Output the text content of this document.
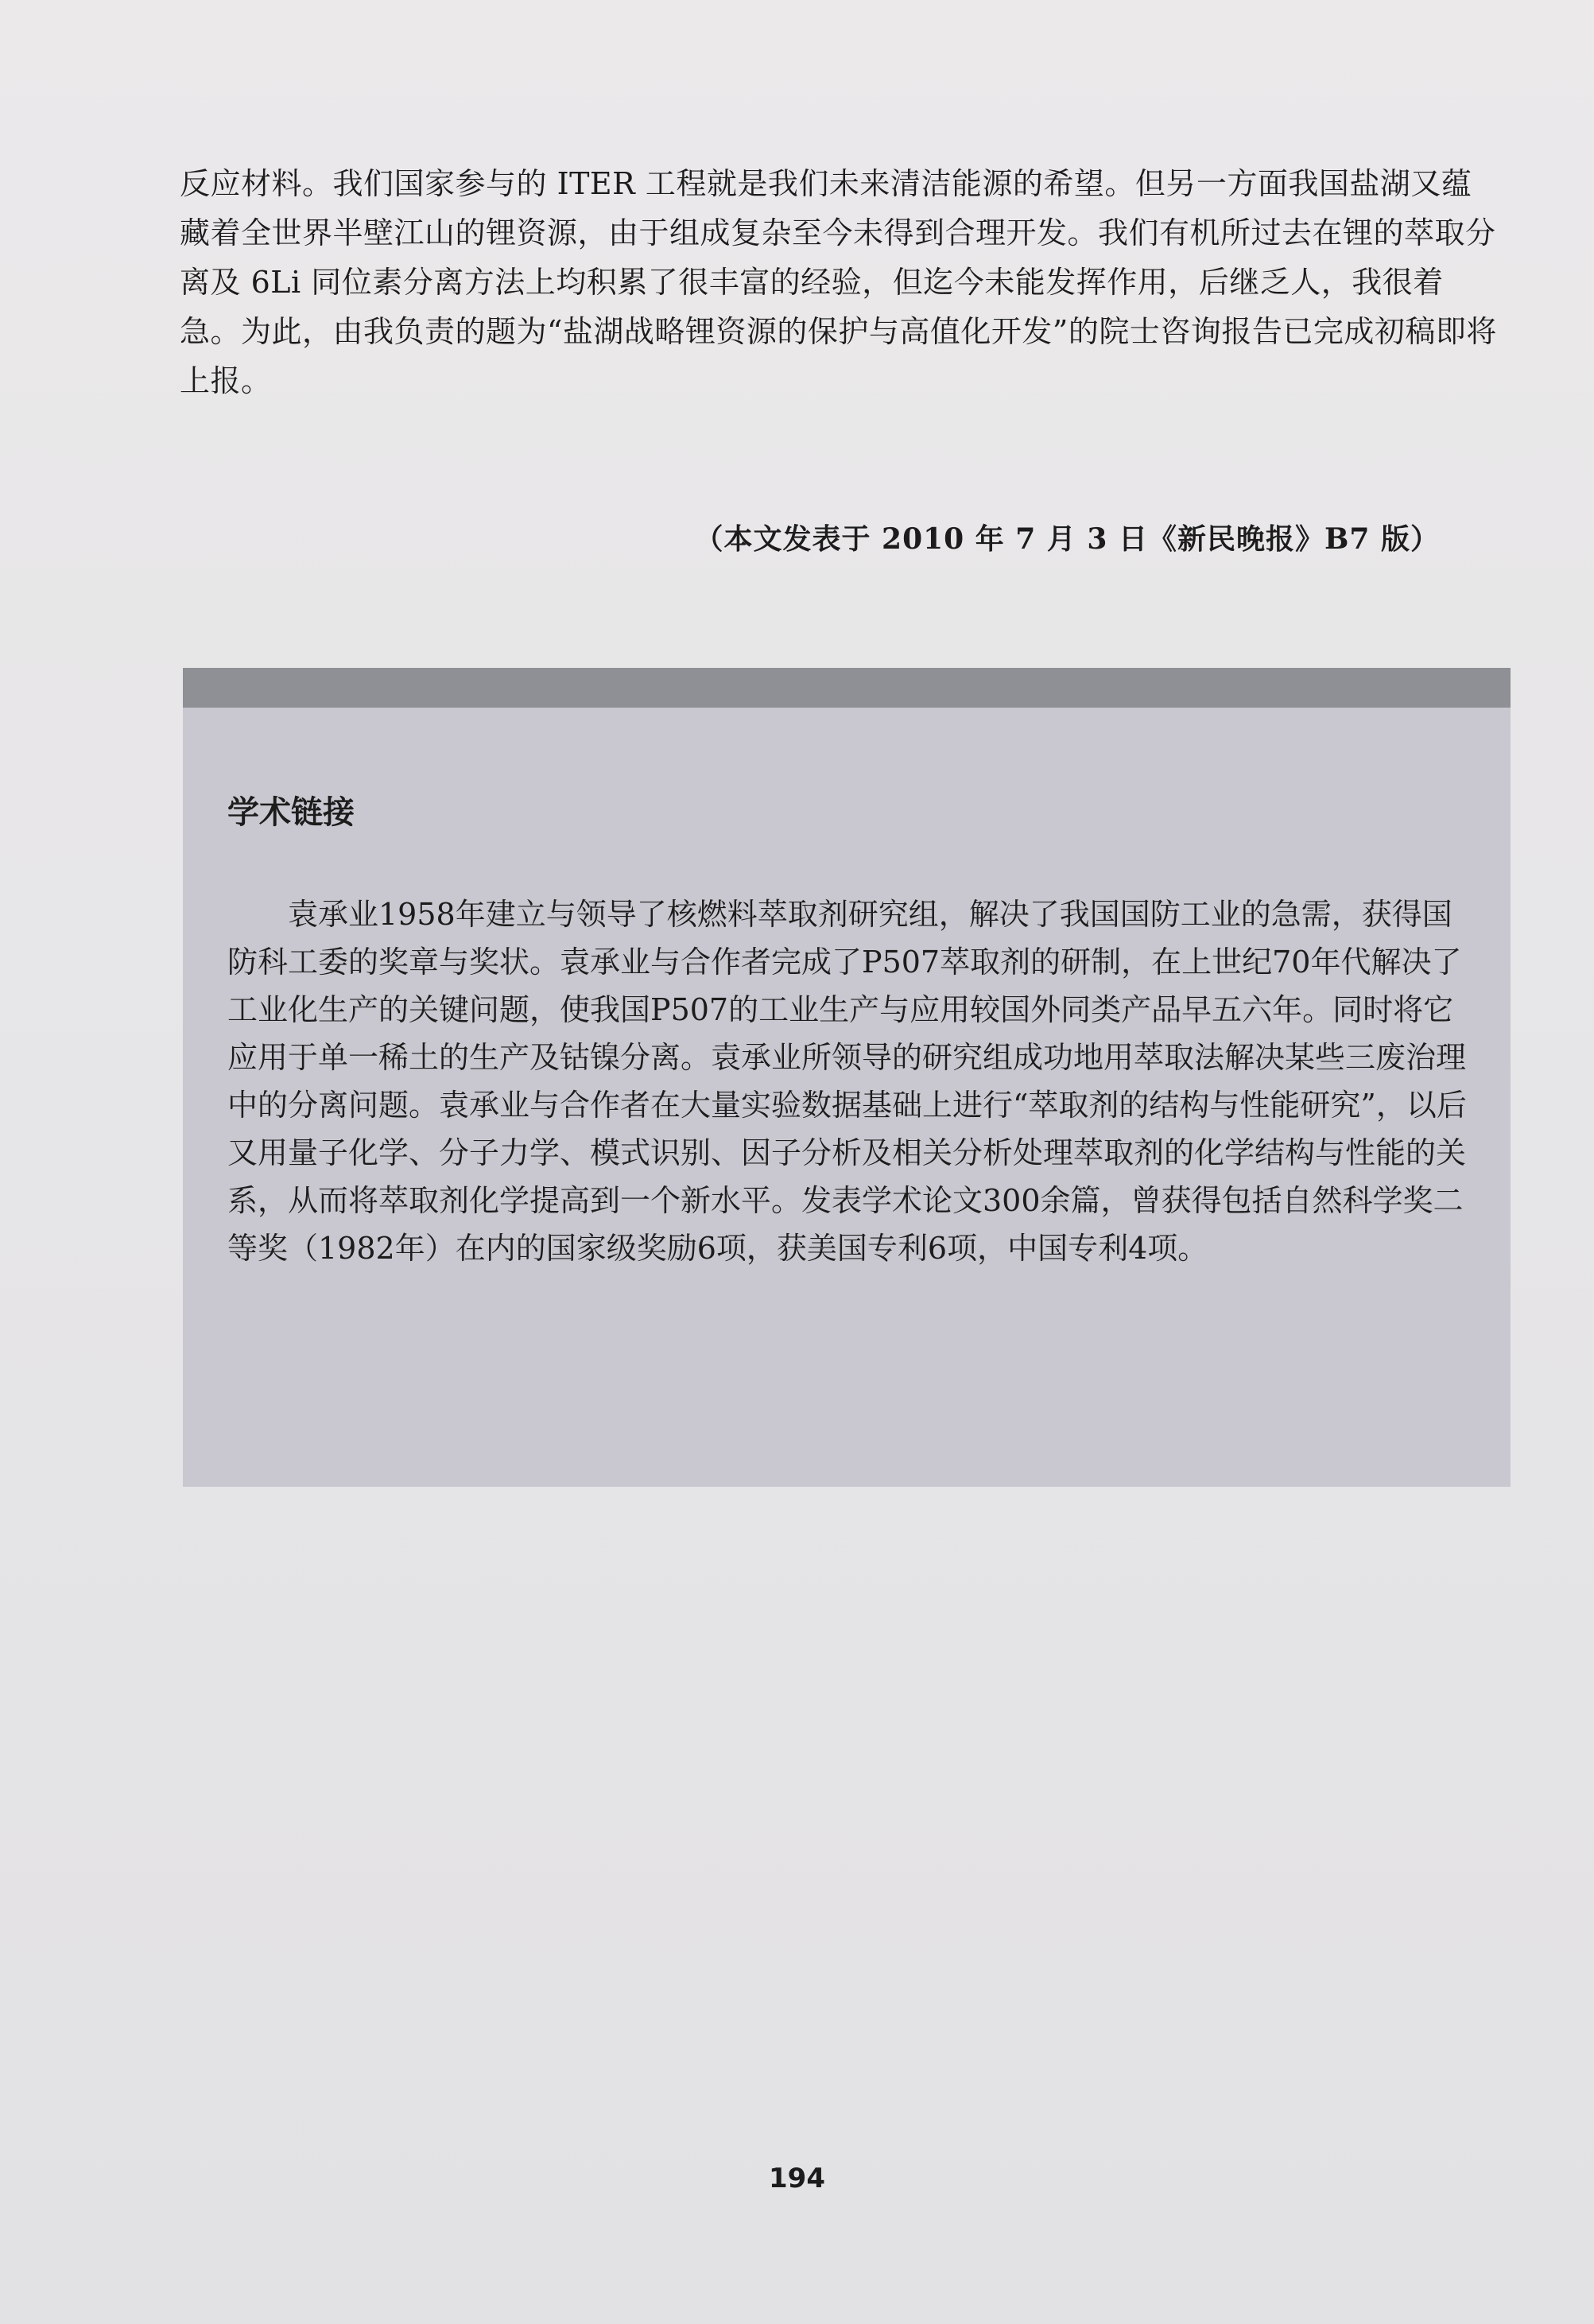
反应材料。我们国家参与的 ITER 工程就是我们未来清洁能源的希望。但另一方面我国盐湖又蕴藏着全世界半壁江山的锂资源，由于组成复杂至今未得到合理开发。我们有机所过去在锂的萃取分离及 6Li 同位素分离方法上均积累了很丰富的经验，但迄今未能发挥作用，后继乏人，我很着急。为此，由我负责的题为“盐湖战略锂资源的保护与高值化开发”的院士咨询报告已完成初稿即将上报。

（本文发表于 2010 年 7 月 3 日《新民晚报》B7 版）
学术链接

袁承业1958年建立与领导了核燃料萃取剂研究组，解决了我国国防工业的急需，获得国防科工委的奖章与奖状。袁承业与合作者完成了P507萃取剂的研制，在上世纪70年代解决了工业化生产的关键问题，使我国P507的工业生产与应用较国外同类产品早五六年。同时将它应用于单一稀土的生产及钴镍分离。袁承业所领导的研究组成功地用萃取法解决某些三废治理中的分离问题。袁承业与合作者在大量实验数据基础上进行“萃取剂的结构与性能研究”，以后又用量子化学、分子力学、模式识别、因子分析及相关分析处理萃取剂的化学结构与性能的关系，从而将萃取剂化学提高到一个新水平。发表学术论文300余篇，曾获得包括自然科学奖二等奖（1982年）在内的国家级奖励6项，获美国专利6项，中国专利4项。

194
